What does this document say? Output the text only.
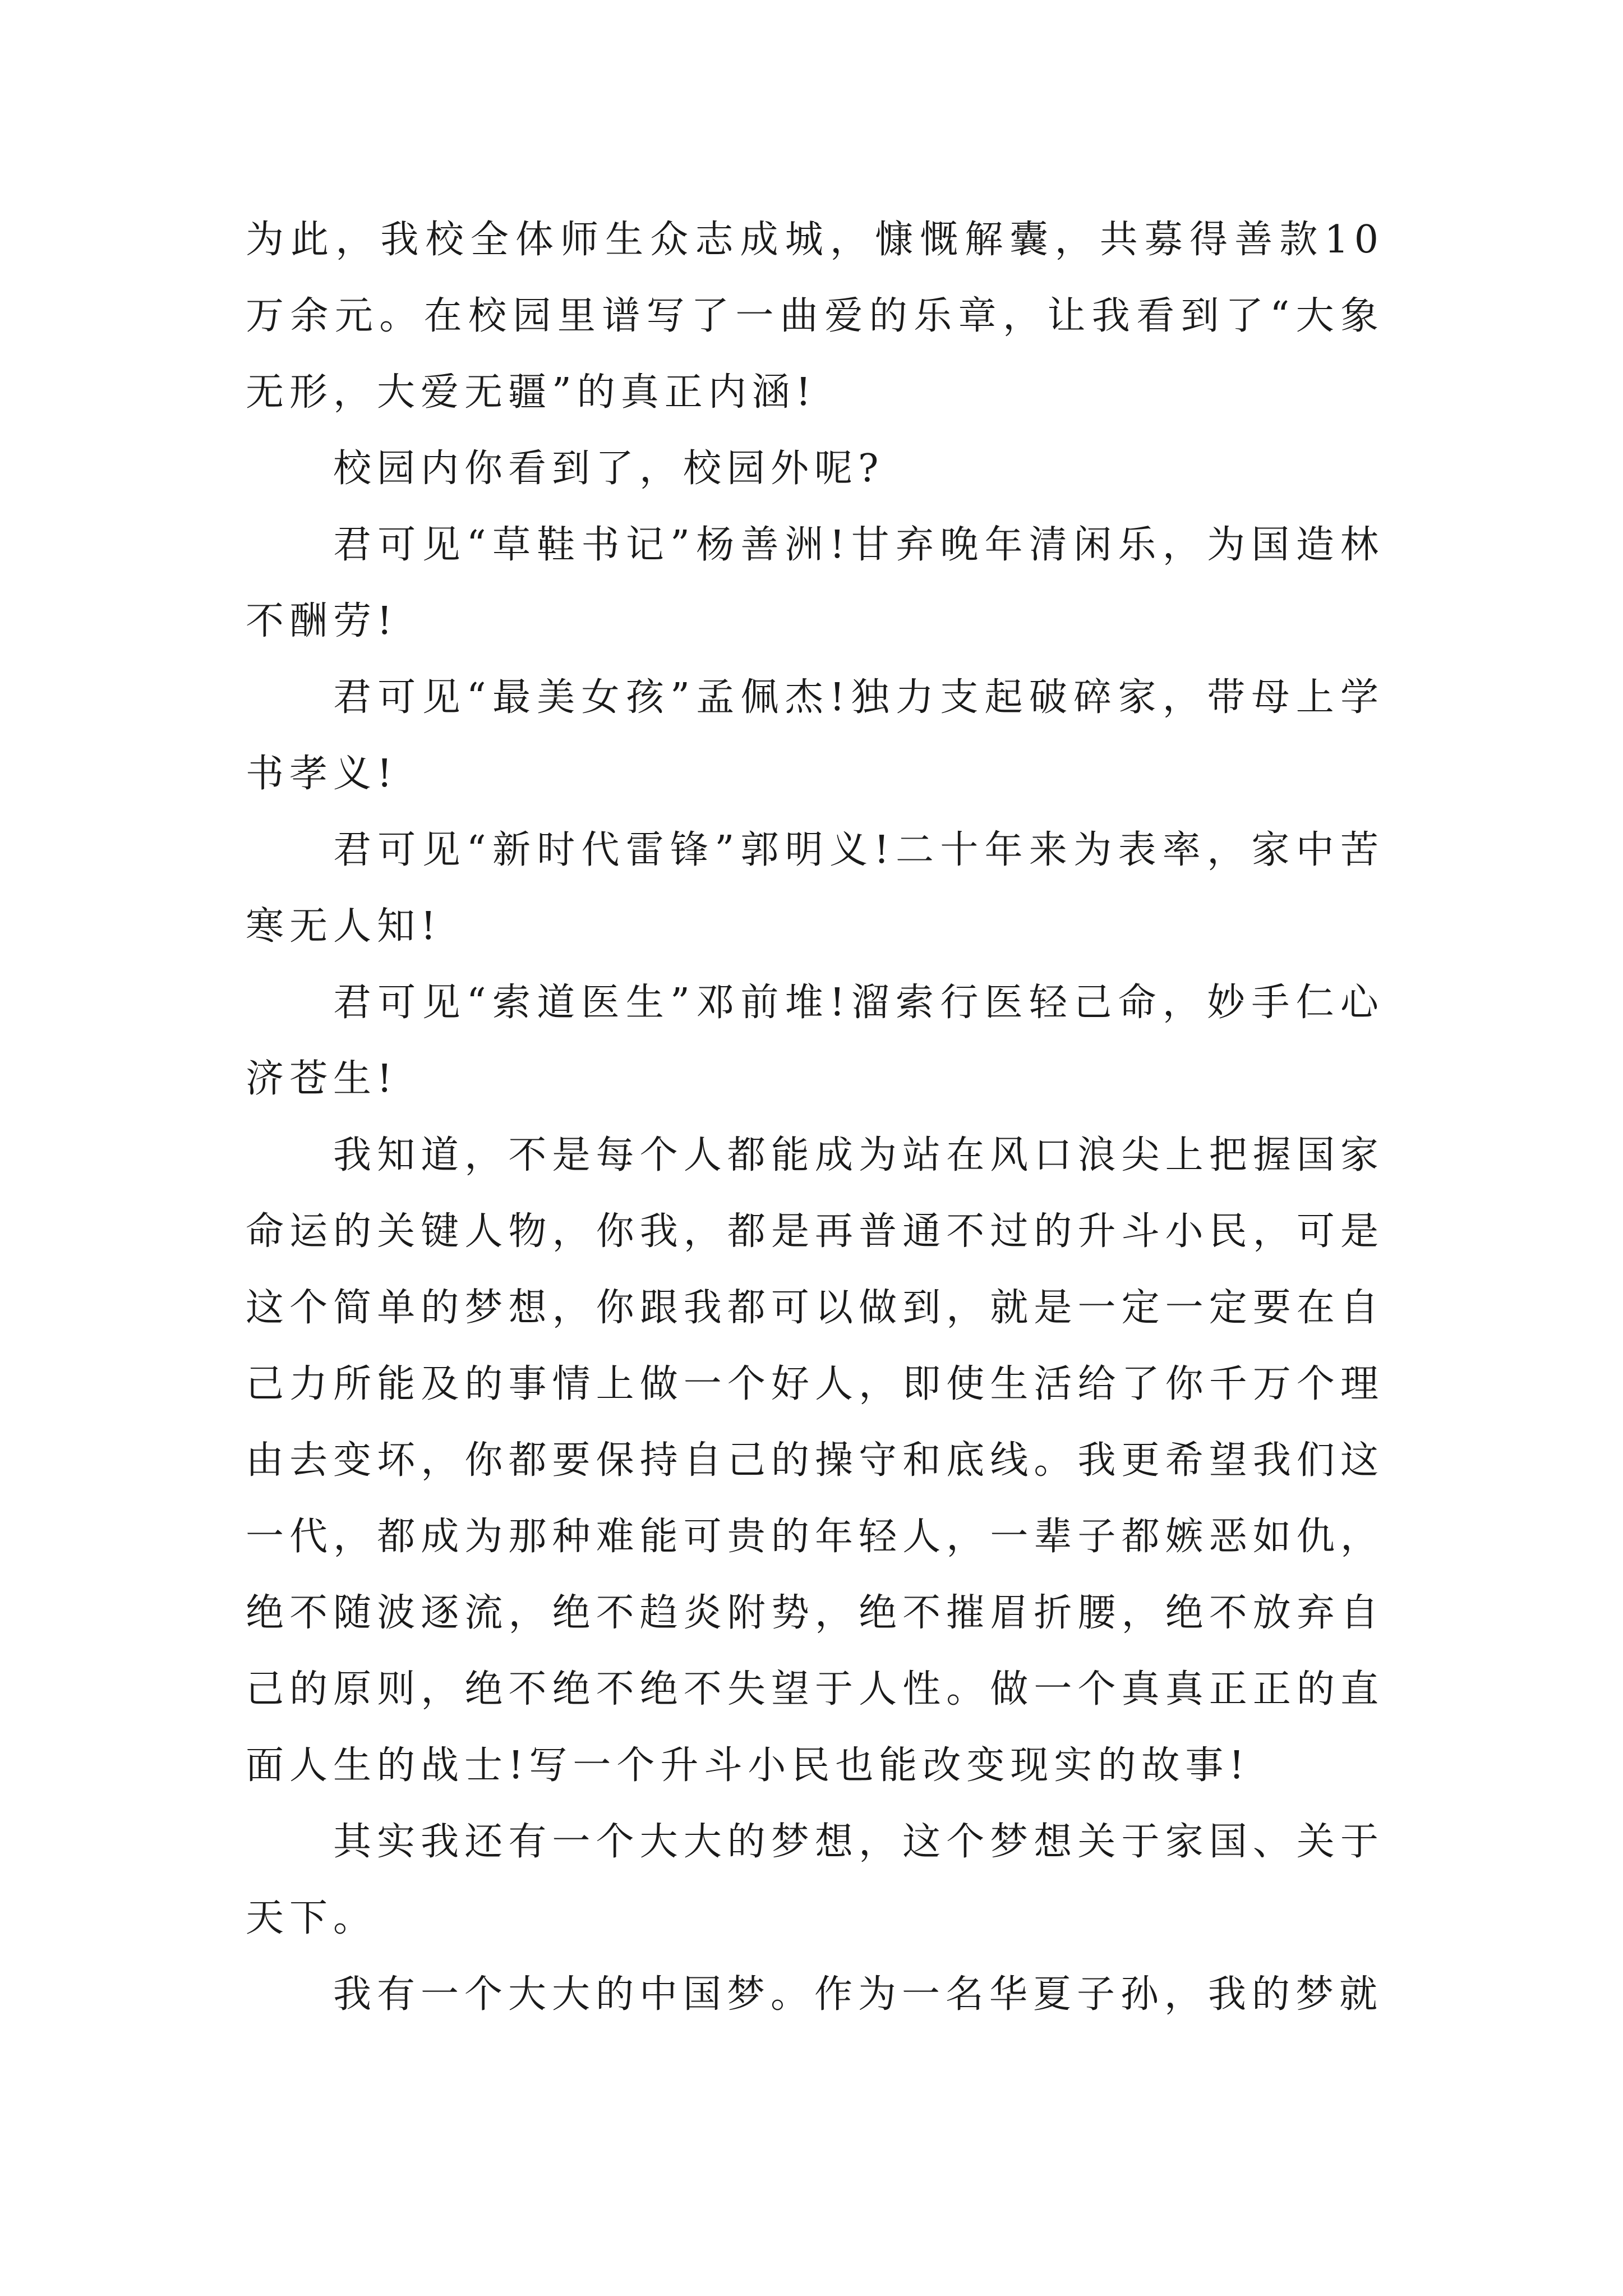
为此，我校全体师生众志成城，慷慨解囊，共募得善款10万余元。在校园里谱写了一曲爱的乐章，让我看到了“大象无形，大爱无疆”的真正内涵!

校园内你看到了，校园外呢?

君可见“草鞋书记”杨善洲!甘弃晚年清闲乐，为国造林不酬劳!

君可见“最美女孩”孟佩杰!独力支起破碎家，带母上学书孝义!

君可见“新时代雷锋”郭明义!二十年来为表率，家中苦寒无人知!

君可见“索道医生”邓前堆!溜索行医轻己命，妙手仁心济苍生!

我知道，不是每个人都能成为站在风口浪尖上把握国家命运的关键人物，你我，都是再普通不过的升斗小民，可是这个简单的梦想，你跟我都可以做到，就是一定一定要在自己力所能及的事情上做一个好人，即使生活给了你千万个理由去变坏，你都要保持自己的操守和底线。我更希望我们这一代，都成为那种难能可贵的年轻人，一辈子都嫉恶如仇，绝不随波逐流，绝不趋炎附势，绝不摧眉折腰，绝不放弃自己的原则，绝不绝不绝不失望于人性。做一个真真正正的直面人生的战士!写一个升斗小民也能改变现实的故事!

其实我还有一个大大的梦想，这个梦想关于家国、关于天下。

我有一个大大的中国梦。作为一名华夏子孙，我的梦就
